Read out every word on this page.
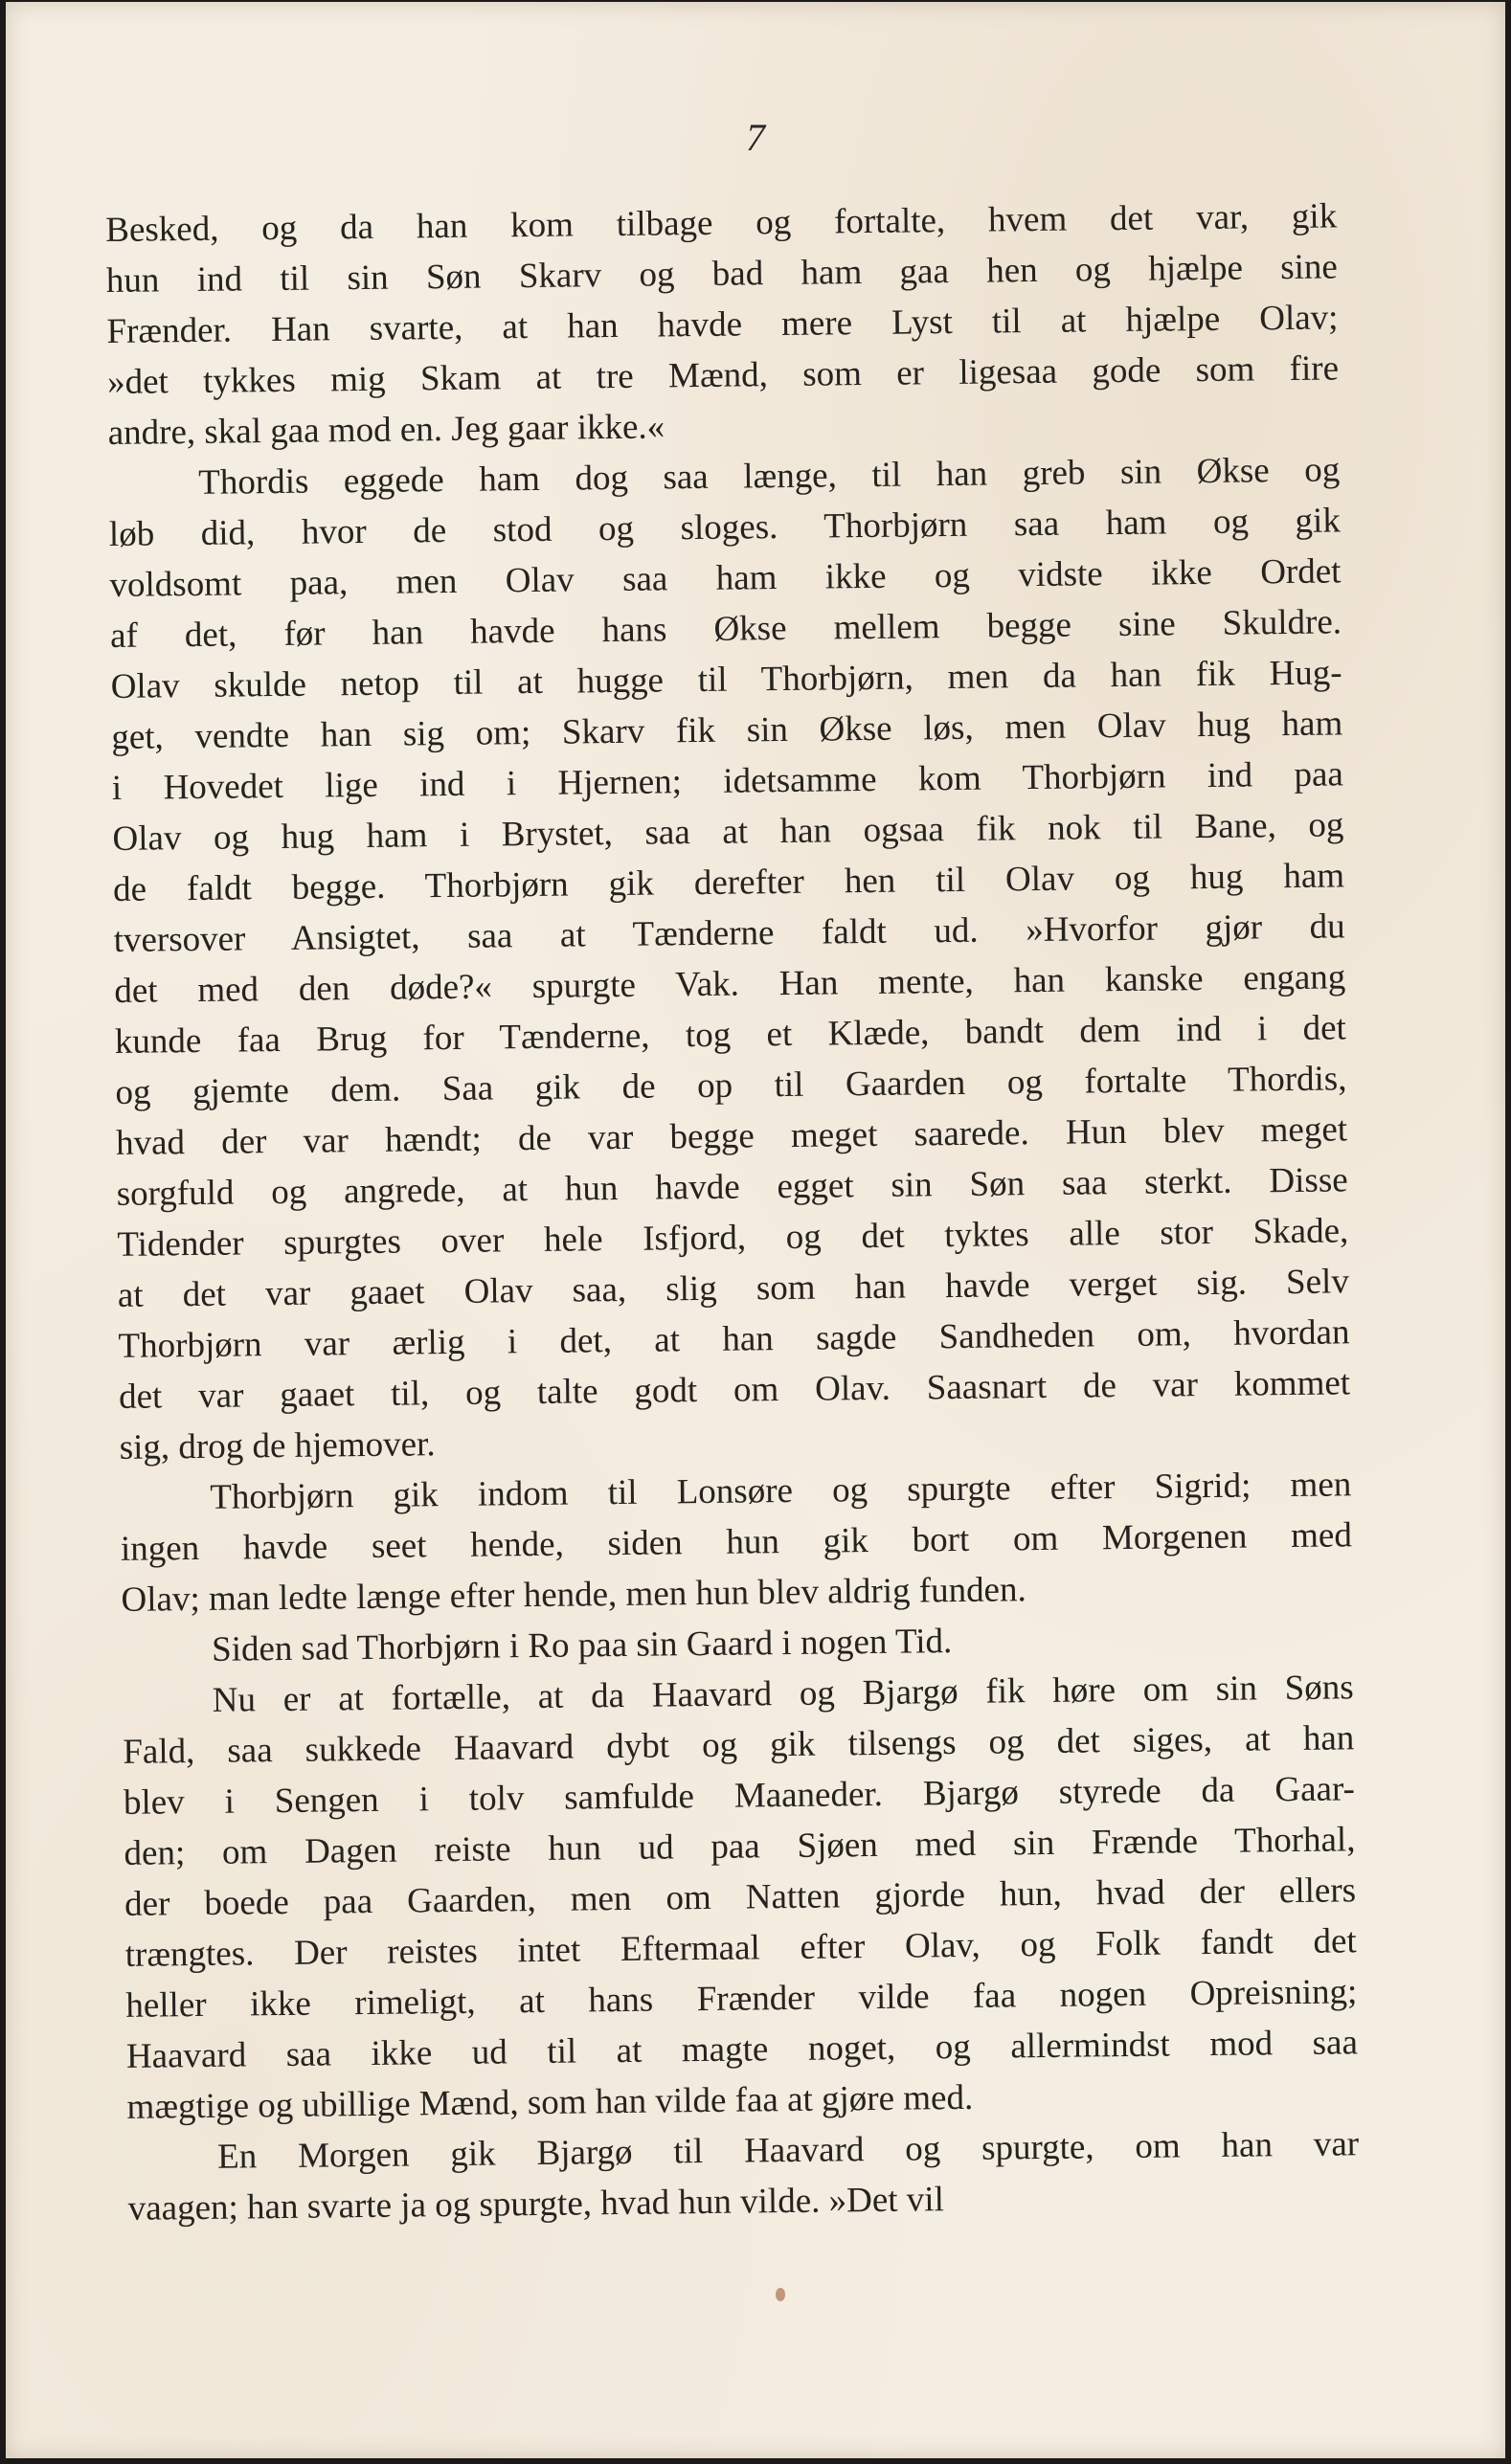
7
Besked, og da han kom tilbage og fortalte, hvem det var, gik
hun ind til sin Søn Skarv og bad ham gaa hen og hjælpe sine
Frænder. Han svarte, at han havde mere Lyst til at hjælpe Olav;
»det tykkes mig Skam at tre Mænd, som er ligesaa gode som fire
andre, skal gaa mod en. Jeg gaar ikke.«
Thordis eggede ham dog saa længe, til han greb sin Økse og
løb did, hvor de stod og sloges. Thorbjørn saa ham og gik
voldsomt paa, men Olav saa ham ikke og vidste ikke Ordet
af det, før han havde hans Økse mellem begge sine Skuldre.
Olav skulde netop til at hugge til Thorbjørn, men da han fik Hug-
get, vendte han sig om; Skarv fik sin Økse løs, men Olav hug ham
i Hovedet lige ind i Hjernen; idetsamme kom Thorbjørn ind paa
Olav og hug ham i Brystet, saa at han ogsaa fik nok til Bane, og
de faldt begge. Thorbjørn gik derefter hen til Olav og hug ham
tversover Ansigtet, saa at Tænderne faldt ud. »Hvorfor gjør du
det med den døde?« spurgte Vak. Han mente, han kanske engang
kunde faa Brug for Tænderne, tog et Klæde, bandt dem ind i det
og gjemte dem. Saa gik de op til Gaarden og fortalte Thordis,
hvad der var hændt; de var begge meget saarede. Hun blev meget
sorgfuld og angrede, at hun havde egget sin Søn saa sterkt. Disse
Tidender spurgtes over hele Isfjord, og det tyktes alle stor Skade,
at det var gaaet Olav saa, slig som han havde verget sig. Selv
Thorbjørn var ærlig i det, at han sagde Sandheden om, hvordan
det var gaaet til, og talte godt om Olav. Saasnart de var kommet
sig, drog de hjemover.
Thorbjørn gik indom til Lonsøre og spurgte efter Sigrid; men
ingen havde seet hende, siden hun gik bort om Morgenen med
Olav; man ledte længe efter hende, men hun blev aldrig funden.
Siden sad Thorbjørn i Ro paa sin Gaard i nogen Tid.
Nu er at fortælle, at da Haavard og Bjargø fik høre om sin Søns
Fald, saa sukkede Haavard dybt og gik tilsengs og det siges, at han
blev i Sengen i tolv samfulde Maaneder. Bjargø styrede da Gaar-
den; om Dagen reiste hun ud paa Sjøen med sin Frænde Thorhal,
der boede paa Gaarden, men om Natten gjorde hun, hvad der ellers
trængtes. Der reistes intet Eftermaal efter Olav, og Folk fandt det
heller ikke rimeligt, at hans Frænder vilde faa nogen Opreisning;
Haavard saa ikke ud til at magte noget, og allermindst mod saa
mægtige og ubillige Mænd, som han vilde faa at gjøre med.
En Morgen gik Bjargø til Haavard og spurgte, om han var
vaagen; han svarte ja og spurgte, hvad hun vilde. »Det vil
